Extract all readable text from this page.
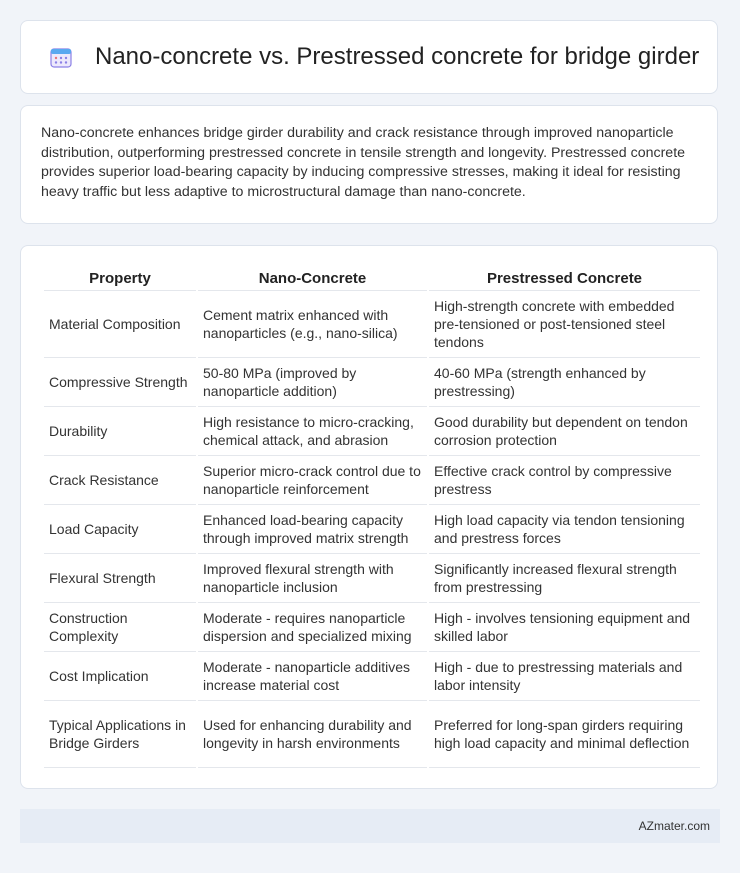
Nano-concrete vs. Prestressed concrete for bridge girder

Nano-concrete enhances bridge girder durability and crack resistance through improved nanoparticle distribution, outperforming prestressed concrete in tensile strength and longevity. Prestressed concrete provides superior load-bearing capacity by inducing compressive stresses, making it ideal for resisting heavy traffic but less adaptive to microstructural damage than nano-concrete.

Property	Nano-Concrete	Prestressed Concrete
Material Composition	Cement matrix enhanced with nanoparticles (e.g., nano-silica)	High-strength concrete with embedded pre-tensioned or post-tensioned steel tendons
Compressive Strength	50-80 MPa (improved by nanoparticle addition)	40-60 MPa (strength enhanced by prestressing)
Durability	High resistance to micro-cracking, chemical attack, and abrasion	Good durability but dependent on tendon corrosion protection
Crack Resistance	Superior micro-crack control due to nanoparticle reinforcement	Effective crack control by compressive prestress
Load Capacity	Enhanced load-bearing capacity through improved matrix strength	High load capacity via tendon tensioning and prestress forces
Flexural Strength	Improved flexural strength with nanoparticle inclusion	Significantly increased flexural strength from prestressing
Construction Complexity	Moderate - requires nanoparticle dispersion and specialized mixing	High - involves tensioning equipment and skilled labor
Cost Implication	Moderate - nanoparticle additives increase material cost	High - due to prestressing materials and labor intensity
Typical Applications in Bridge Girders	Used for enhancing durability and longevity in harsh environments	Preferred for long-span girders requiring high load capacity and minimal deflection
AZmater.com
